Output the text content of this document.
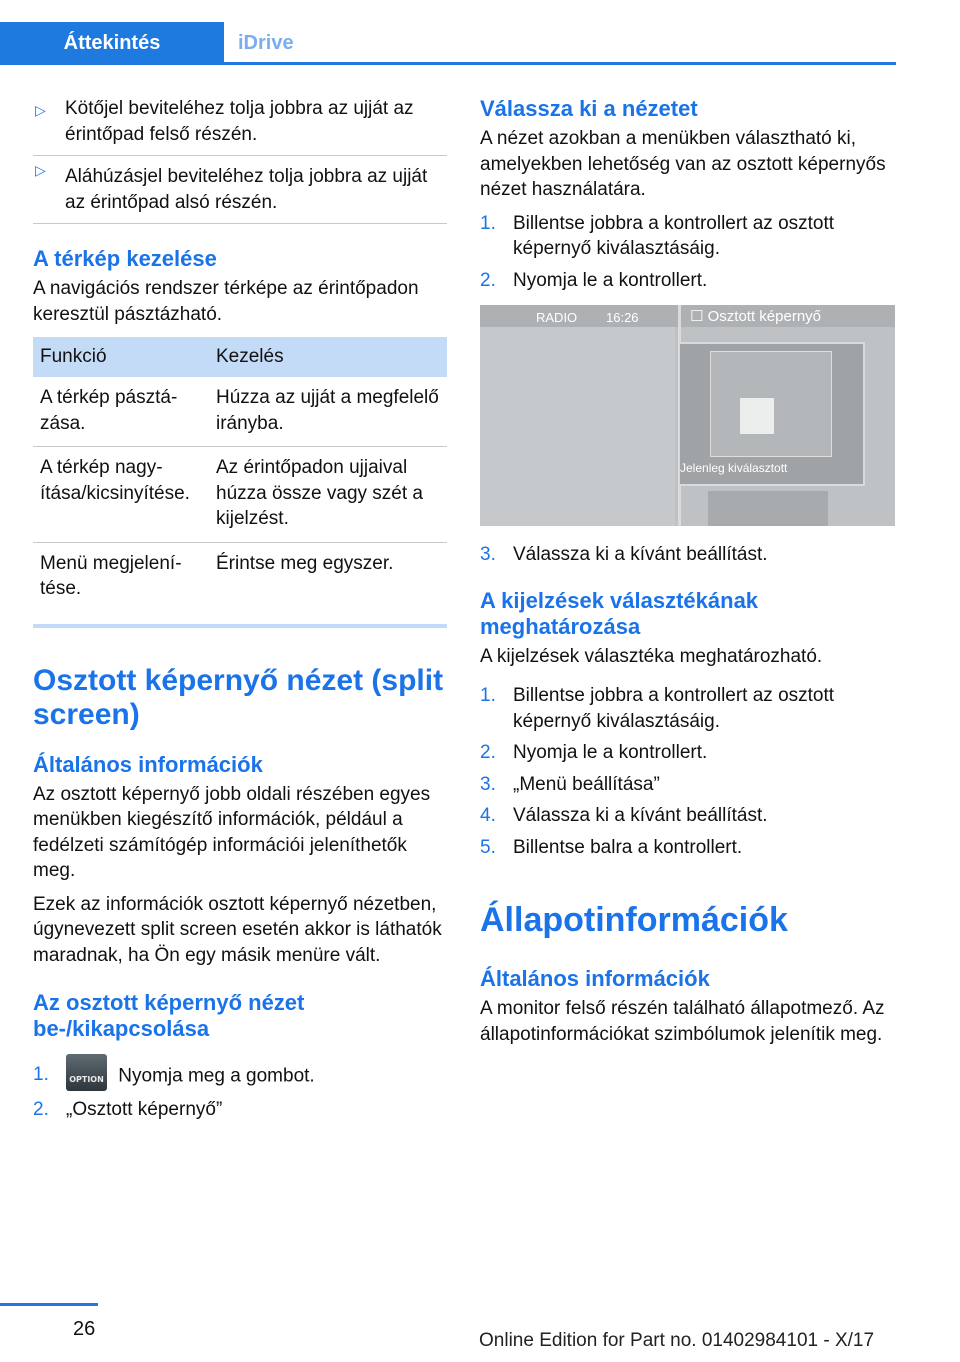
Áttekintés	iDrive
▷ Kötőjel beviteléhez tolja jobbra az ujját az érintőpad felső részén.
▷ Aláhúzásjel beviteléhez tolja jobbra az ujját az érintőpad alsó részén.
A térkép kezelése
A navigációs rendszer térképe az érintőpadon keresztül pásztázható.
Funkció	Kezelés
A térkép pásztázása.	Húzza az ujját a megfelelő irányba.
A térkép nagyítása/kicsinyítése.	Az érintőpadon ujjaival húzza össze vagy szét a kijelzést.
Menü megjelenítése.	Érintse meg egyszer.
Osztott képernyő nézet (split screen)
Általános információk
Az osztott képernyő jobb oldali részében egyes menükben kiegészítő információk, például a fedélzeti számítógép információi jeleníthetők meg.
Ezek az információk osztott képernyő nézetben, úgynevezett split screen esetén akkor is láthatók maradnak, ha Ön egy másik menüre vált.
Az osztott képernyő nézet be-/kikapcsolása
1.	OPTION Nyomja meg a gombot.
2. „Osztott képernyő”
Válassza ki a nézetet
A nézet azokban a menükben választható ki, amelyekben lehetőség van az osztott képernyős nézet használatára.
1. Billentse jobbra a kontrollert az osztott képernyő kiválasztásáig.
2. Nyomja le a kontrollert.
RADIO 16:26	☐ Osztott képernyő
Jelenleg kiválasztott
3. Válassza ki a kívánt beállítást.
A kijelzések választékának meghatározása
A kijelzések választéka meghatározható.
1. Billentse jobbra a kontrollert az osztott képernyő kiválasztásáig.
2. Nyomja le a kontrollert.
3. „Menü beállítása”
4. Válassza ki a kívánt beállítást.
5. Billentse balra a kontrollert.
Állapotinformációk
Általános információk
A monitor felső részén található állapotmező. Az állapotinformációkat szimbólumok jelenítik meg.
26
Online Edition for Part no. 01402984101 - X/17
